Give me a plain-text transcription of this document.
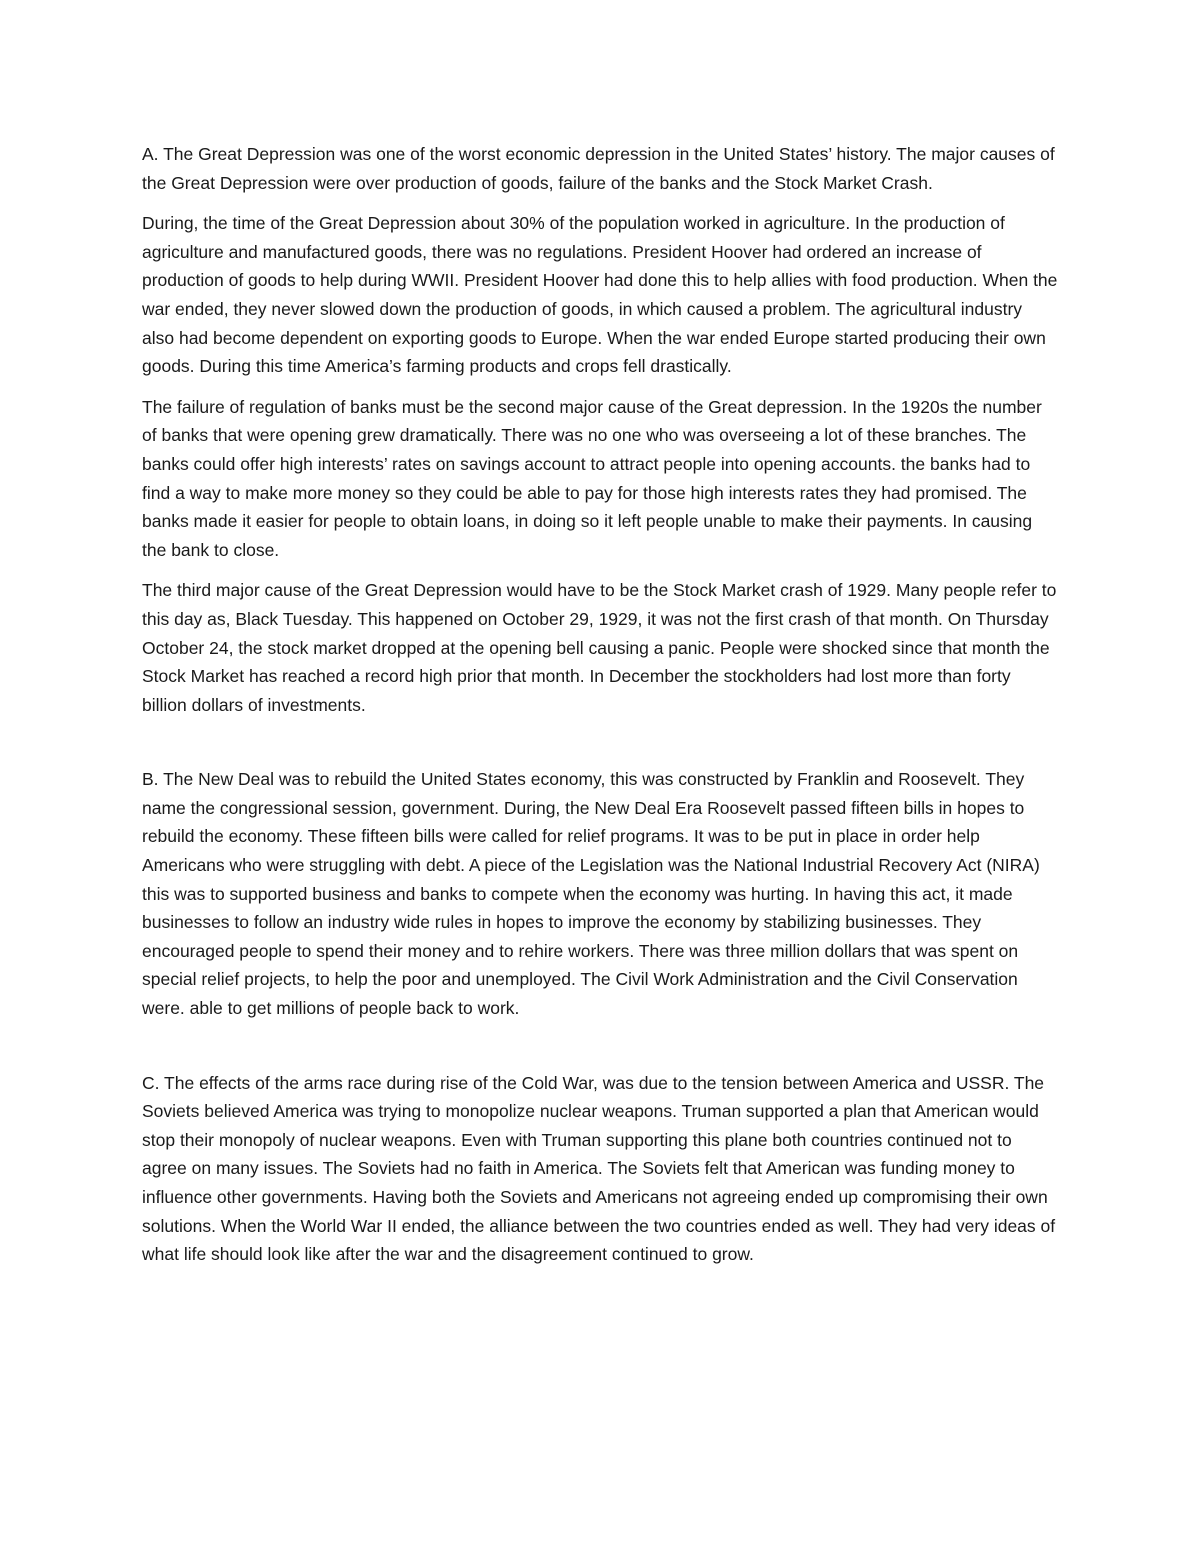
A. The Great Depression was one of the worst economic depression in the United States’ history. The major causes of the Great Depression were over production of goods, failure of the banks and the Stock Market Crash.

During, the time of the Great Depression about 30% of the population worked in agriculture. In the production of agriculture and manufactured goods, there was no regulations. President Hoover had ordered an increase of production of goods to help during WWII. President Hoover had done this to help allies with food production. When the war ended, they never slowed down the production of goods, in which caused a problem. The agricultural industry also had become dependent on exporting goods to Europe. When the war ended Europe started producing their own goods. During this time America’s farming products and crops fell drastically.

The failure of regulation of banks must be the second major cause of the Great depression. In the 1920s the number of banks that were opening grew dramatically. There was no one who was overseeing a lot of these branches. The banks could offer high interests’ rates on savings account to attract people into opening accounts. the banks had to find a way to make more money so they could be able to pay for those high interests rates they had promised. The banks made it easier for people to obtain loans, in doing so it left people unable to make their payments. In causing the bank to close.

The third major cause of the Great Depression would have to be the Stock Market crash of 1929. Many people refer to this day as, Black Tuesday. This happened on October 29, 1929, it was not the first crash of that month. On Thursday October 24, the stock market dropped at the opening bell causing a panic. People were shocked since that month the Stock Market has reached a record high prior that month. In December the stockholders had lost more than forty billion dollars of investments.

B. The New Deal was to rebuild the United States economy, this was constructed by Franklin and Roosevelt. They name the congressional session, government. During, the New Deal Era Roosevelt passed fifteen bills in hopes to rebuild the economy. These fifteen bills were called for relief programs. It was to be put in place in order help Americans who were struggling with debt. A piece of the Legislation was the National Industrial Recovery Act (NIRA) this was to supported business and banks to compete when the economy was hurting. In having this act, it made businesses to follow an industry wide rules in hopes to improve the economy by stabilizing businesses. They encouraged people to spend their money and to rehire workers. There was three million dollars that was spent on special relief projects, to help the poor and unemployed. The Civil Work Administration and the Civil Conservation were. able to get millions of people back to work.

C. The effects of the arms race during rise of the Cold War, was due to the tension between America and USSR. The Soviets believed America was trying to monopolize nuclear weapons. Truman supported a plan that American would stop their monopoly of nuclear weapons. Even with Truman supporting this plane both countries continued not to agree on many issues. The Soviets had no faith in America. The Soviets felt that American was funding money to influence other governments. Having both the Soviets and Americans not agreeing ended up compromising their own solutions. When the World War II ended, the alliance between the two countries ended as well. They had very ideas of what life should look like after the war and the disagreement continued to grow.
